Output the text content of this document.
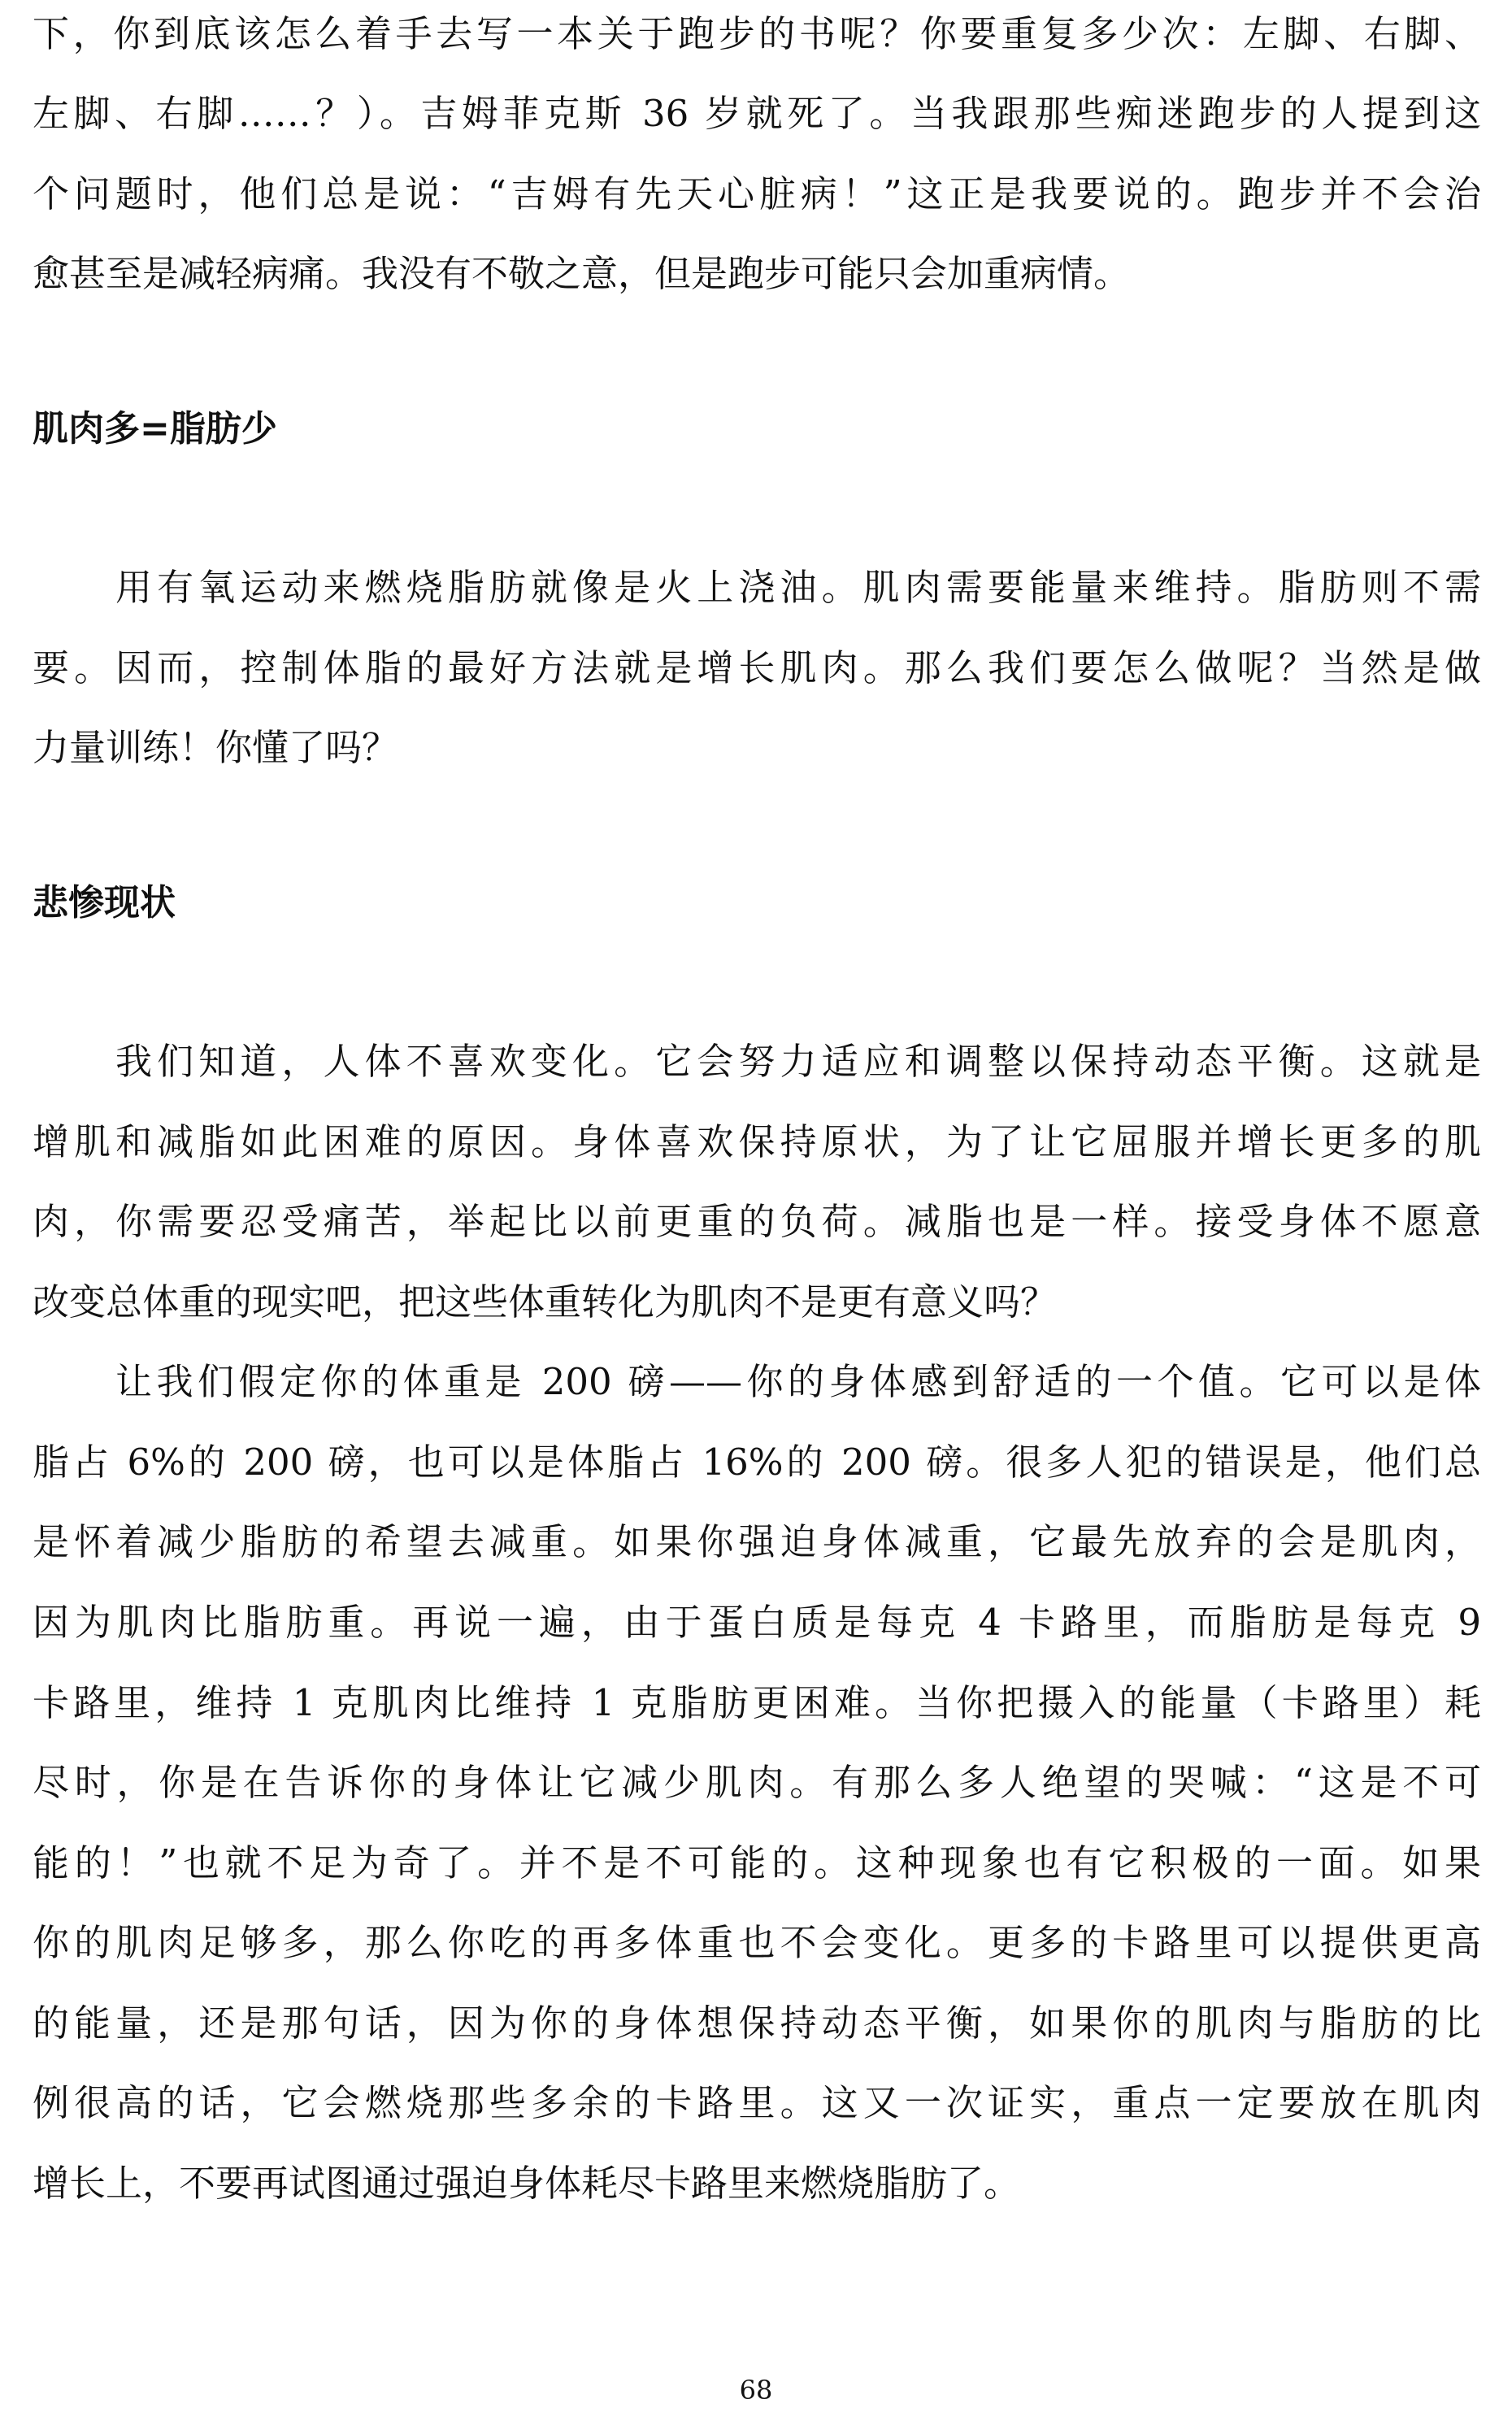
下，你到底该怎么着手去写一本关于跑步的书呢？你要重复多少次：左脚、右脚、
左脚、右脚……？）。吉姆菲克斯 36 岁就死了。当我跟那些痴迷跑步的人提到这
个问题时，他们总是说：“吉姆有先天心脏病！”这正是我要说的。跑步并不会治
愈甚至是减轻病痛。我没有不敬之意，但是跑步可能只会加重病情。
肌肉多=脂肪少
用有氧运动来燃烧脂肪就像是火上浇油。肌肉需要能量来维持。脂肪则不需
要。因而，控制体脂的最好方法就是增长肌肉。那么我们要怎么做呢？当然是做
力量训练！你懂了吗？
悲惨现状
我们知道，人体不喜欢变化。它会努力适应和调整以保持动态平衡。这就是
增肌和减脂如此困难的原因。身体喜欢保持原状，为了让它屈服并增长更多的肌
肉，你需要忍受痛苦，举起比以前更重的负荷。减脂也是一样。接受身体不愿意
改变总体重的现实吧，把这些体重转化为肌肉不是更有意义吗？
让我们假定你的体重是 200 磅——你的身体感到舒适的一个值。它可以是体
脂占 6%的 200 磅，也可以是体脂占 16%的 200 磅。很多人犯的错误是，他们总
是怀着减少脂肪的希望去减重。如果你强迫身体减重，它最先放弃的会是肌肉，
因为肌肉比脂肪重。再说一遍，由于蛋白质是每克 4 卡路里，而脂肪是每克 9
卡路里，维持 1 克肌肉比维持 1 克脂肪更困难。当你把摄入的能量（卡路里）耗
尽时，你是在告诉你的身体让它减少肌肉。有那么多人绝望的哭喊：“这是不可
能的！”也就不足为奇了。并不是不可能的。这种现象也有它积极的一面。如果
你的肌肉足够多，那么你吃的再多体重也不会变化。更多的卡路里可以提供更高
的能量，还是那句话，因为你的身体想保持动态平衡，如果你的肌肉与脂肪的比
例很高的话，它会燃烧那些多余的卡路里。这又一次证实，重点一定要放在肌肉
增长上，不要再试图通过强迫身体耗尽卡路里来燃烧脂肪了。
68
